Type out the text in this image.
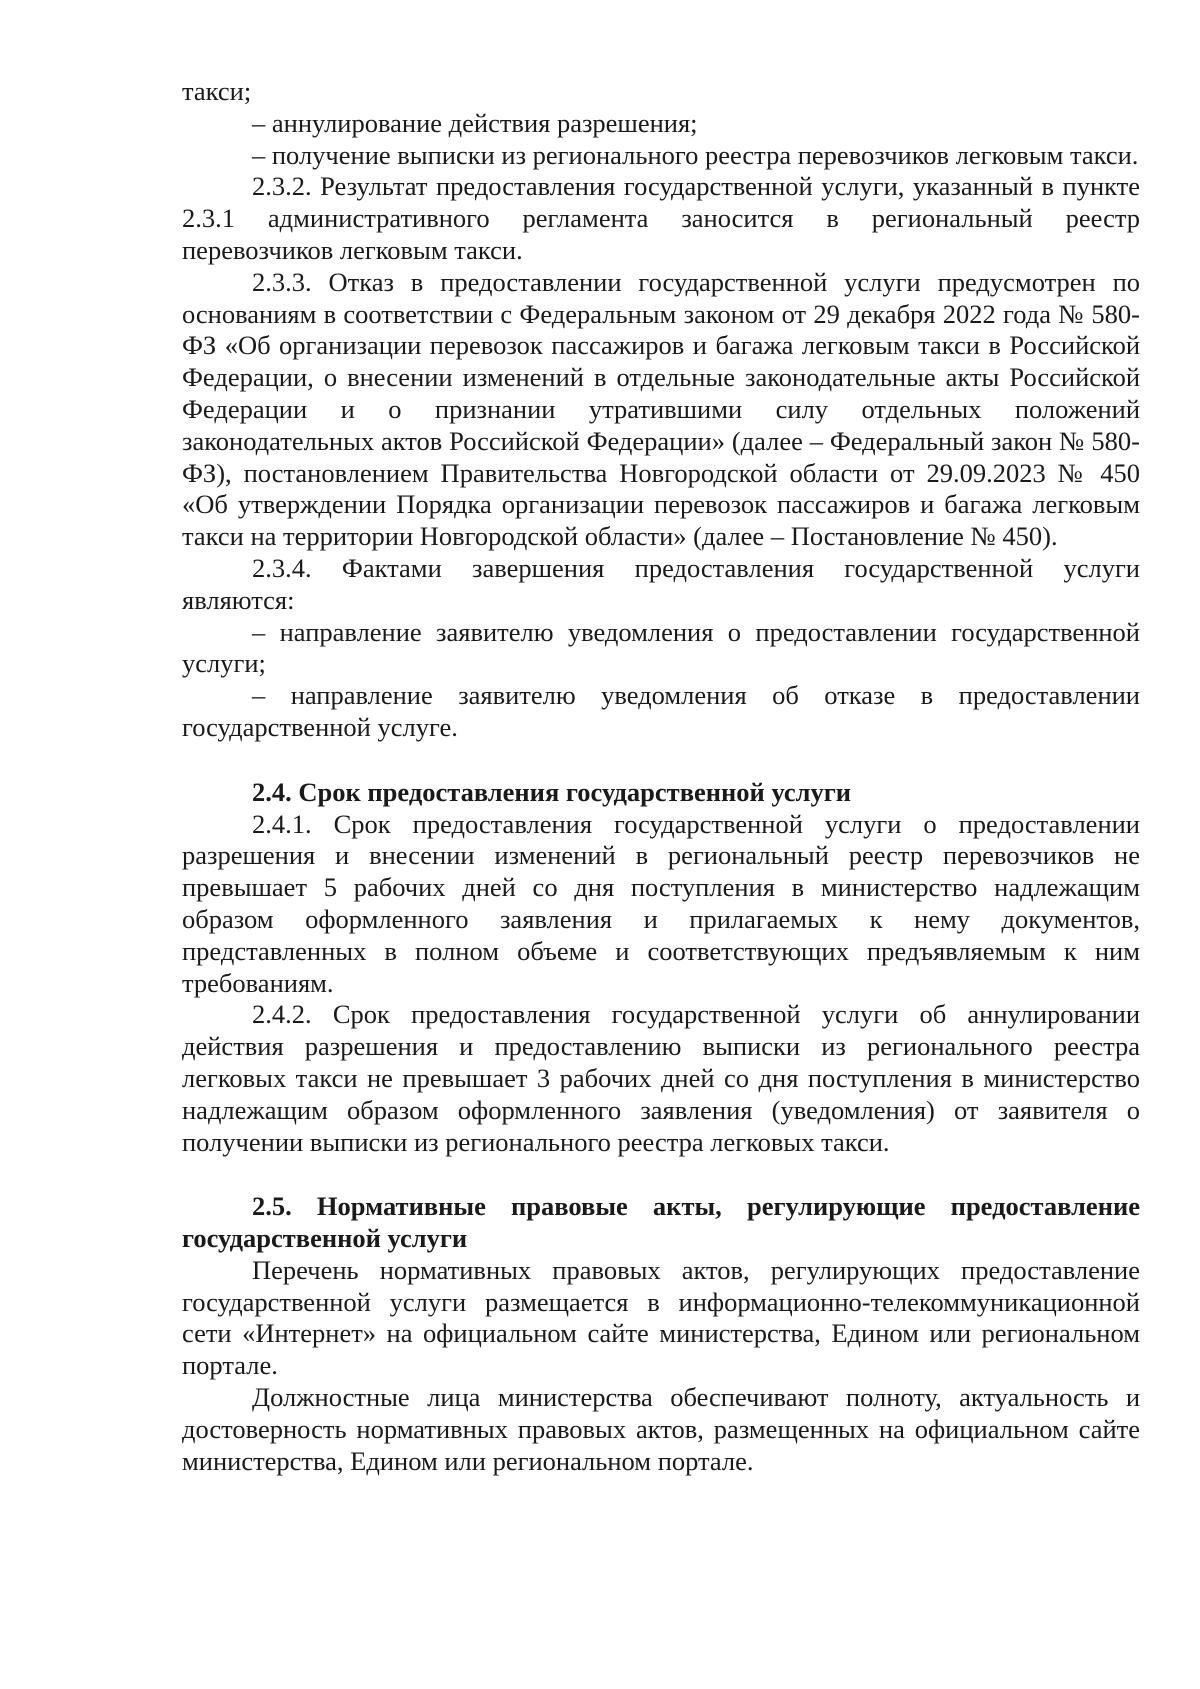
такси;

– аннулирование действия разрешения;

– получение выписки из регионального реестра перевозчиков легковым такси.

2.3.2. Результат предоставления государственной услуги, указанный в пункте 2.3.1 административного регламента заносится в региональный реестр перевозчиков легковым такси.

2.3.3. Отказ в предоставлении государственной услуги предусмотрен по основаниям в соответствии с Федеральным законом от 29 декабря 2022 года № 580-ФЗ «Об организации перевозок пассажиров и багажа легковым такси в Российской Федерации, о внесении изменений в отдельные законодательные акты Российской Федерации и о признании утратившими силу отдельных положений законодательных актов Российской Федерации» (далее – Федеральный закон № 580-ФЗ), постановлением Правительства Новгородской области от 29.09.2023 № 450 «Об утверждении Порядка организации перевозок пассажиров и багажа легковым такси на территории Новгородской области» (далее – Постановление № 450).

2.3.4. Фактами завершения предоставления государственной услуги являются:

– направление заявителю уведомления о предоставлении государственной услуги;

– направление заявителю уведомления об отказе в предоставлении государственной услуге.

2.4. Срок предоставления государственной услуги

2.4.1. Срок предоставления государственной услуги о предоставлении разрешения и внесении изменений в региональный реестр перевозчиков не превышает 5 рабочих дней со дня поступления в министерство надлежащим образом оформленного заявления и прилагаемых к нему документов, представленных в полном объеме и соответствующих предъявляемым к ним требованиям.

2.4.2. Срок предоставления государственной услуги об аннулировании действия разрешения и предоставлению выписки из регионального реестра легковых такси не превышает 3 рабочих дней со дня поступления в министерство надлежащим образом оформленного заявления (уведомления) от заявителя о получении выписки из регионального реестра легковых такси.

2.5. Нормативные правовые акты, регулирующие предоставление государственной услуги

Перечень нормативных правовых актов, регулирующих предоставление государственной услуги размещается в информационно-телекоммуникационной сети «Интернет» на официальном сайте министерства, Едином или региональном портале.

Должностные лица министерства обеспечивают полноту, актуальность и достоверность нормативных правовых актов, размещенных на официальном сайте министерства, Едином или региональном портале.
